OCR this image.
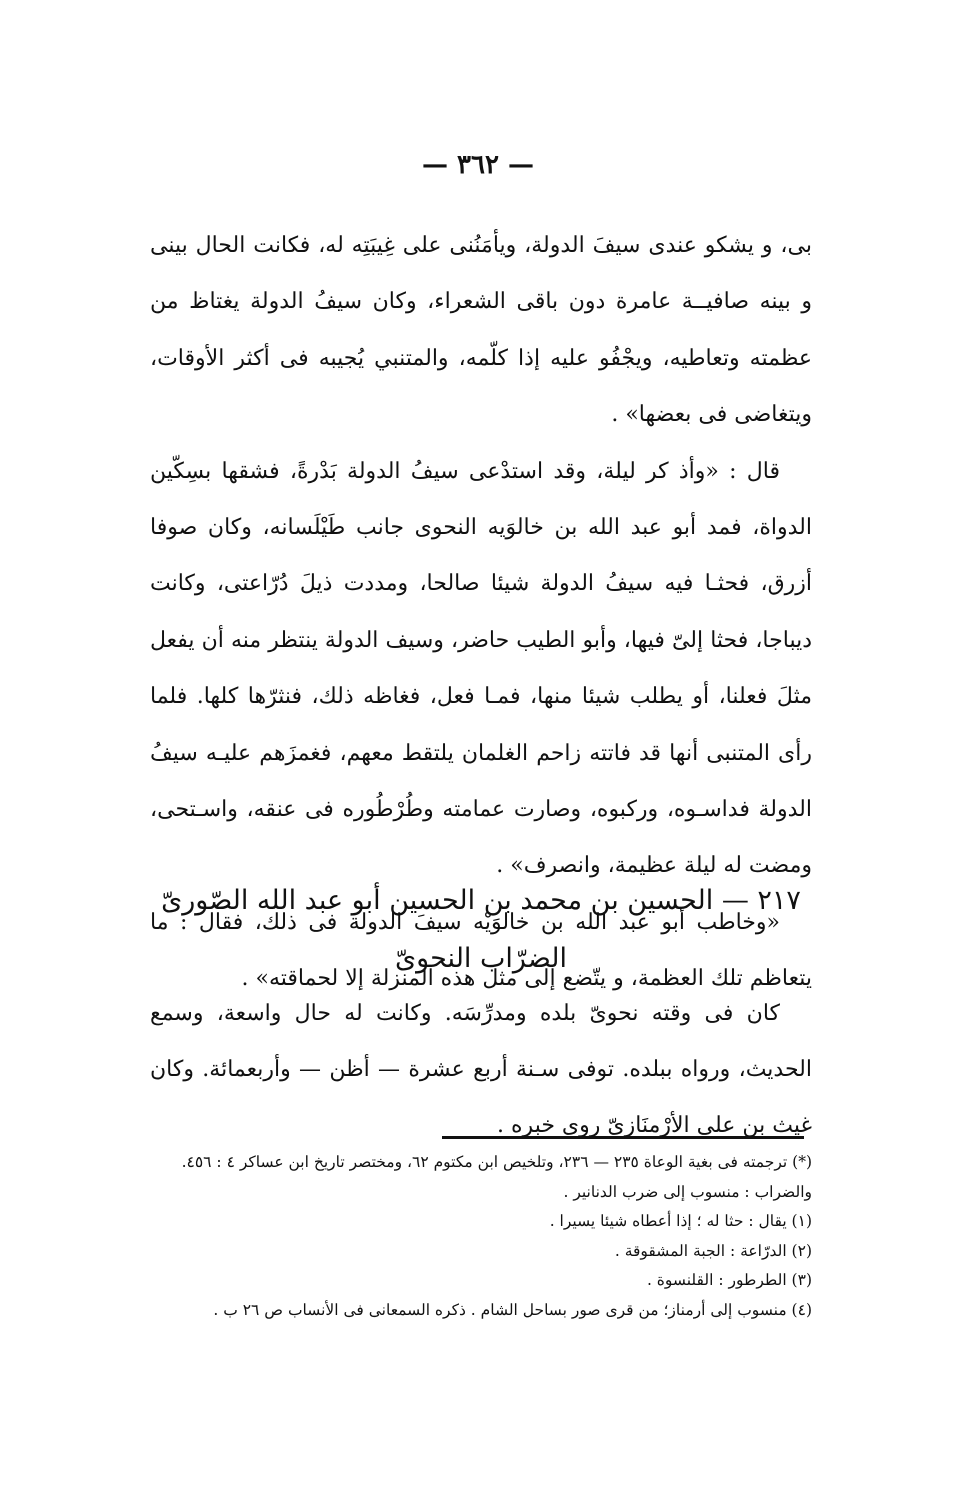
— ٣٦٢ —

بى، و يشكو عندى سيفَ الدولة، ويأمَنُنى على غِيبَتِه له، فكانت الحال بينى و بينه صافيــة عامرة دون باقى الشعراء، وكان سيفُ الدولة يغتاظ من عظمته وتعاطيه، ويجْفُو عليه إذا كلّمه، والمتنبي يُجيبه فى أكثر الأوقات، ويتغاضى فى بعضها» .

قال : «وأذ كر ليلة، وقد استدْعى سيفُ الدولة بَدْرةً، فشقها بسِكّين الدواة، فمد أبو عبد الله بن خالوَيه النحوى جانب طَيْلَسانه، وكان صوفا أزرق، فحثـا فيه سيفُ الدولة شيئا صالحا، ومددت ذيلَ دُرّاعتى، وكانت ديباجا، فحثا إلىّ فيها، وأبو الطيب حاضر، وسيف الدولة ينتظر منه أن يفعل مثلَ فعلنا، أو يطلب شيئا منها، فمـا فعل، فغاظه ذلك، فنثرّها كلها. فلما رأى المتنبى أنها قد فاتته زاحم الغلمان يلتقط معهم، فغمزَهم عليـه سيفُ الدولة فداسـوه، وركبوه، وصارت عمامته وطُرْطُوره فى عنقه، واسـتحى، ومضت له ليلة عظيمة، وانصرف» .

«وخاطب أبو عبد الله بن خالوَيْه سيفَ الدولة فى ذلك، فقال : ما يتعاظم تلك العظمة، و يتّضع إلى مثل هذه المنزلة إلا لحماقته» .

٢١٧ — الحسين بن محمد بن الحسين أبو عبد الله الصّورىّ
الضرّاب النحوىّ
كان فى وقته نحوىّ بلده ومدرِّسَه. وكانت له حال واسعة، وسمع الحديث، ورواه ببلده. توفى سـنة أربع عشرة — أظن — وأربعمائة. وكان غيث بن على الأرْمنَازىّ روى خبره .

(*) ترجمته فى بغية الوعاة ٢٣٥ — ٢٣٦، وتلخيص ابن مكتوم ٦٢، ومختصر تاريخ ابن عساكر ٤ : ٤٥٦. والضراب : منسوب إلى ضرب الدنانير .

(١) يقال : حثا له ؛ إذا أعطاه شيئا يسيرا .

(٢) الدرّاعة : الجبة المشقوقة .

(٣) الطرطور : القلنسوة .

(٤) منسوب إلى أرمناز؛ من قرى صور بساحل الشام . ذكره السمعانى فى الأنساب ص ٢٦ ب .
